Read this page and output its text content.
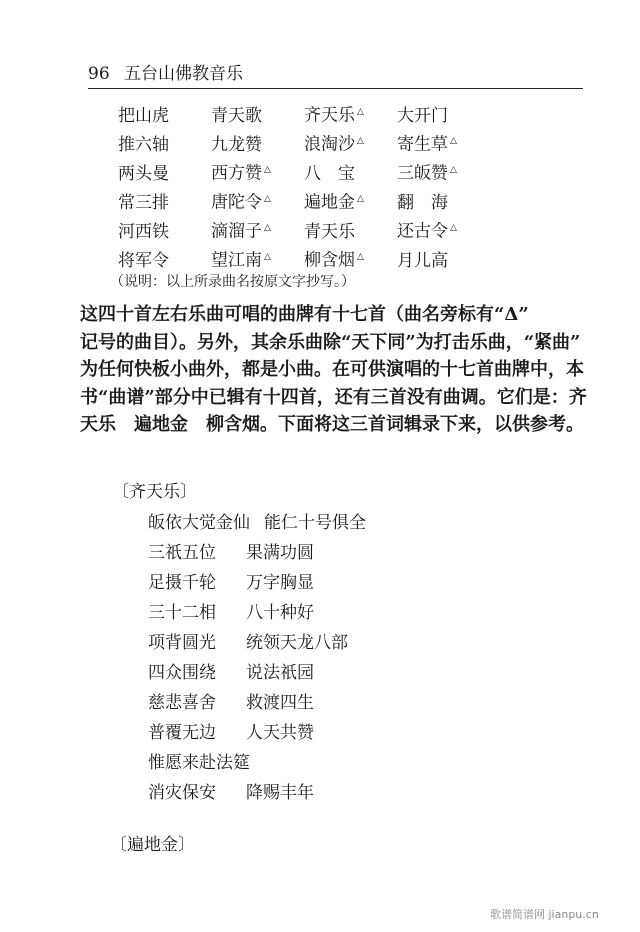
96 五台山佛教音乐
把山虎 青天歌 齐天乐 △ 大开门
推六轴 九龙赞 浪淘沙 △ 寄生草 △
两头曼 西方赞 △ 八　宝 三皈赞 △
常三排 唐陀令 △ 遍地金 △ 翻　海
河西铁 滴溜子 △ 青天乐 还古令 △
将军令 望江南 △ 柳含烟 △ 月儿高
（说明：以上所录曲名按原文字抄写。）
这四十首左右乐曲可唱的曲牌有十七首（曲名旁标有“Δ”
记号的曲目）。另外，其余乐曲除“天下同”为打击乐曲，“紧曲”
为任何快板小曲外，都是小曲。在可供演唱的十七首曲牌中，本
书“曲谱”部分中已辑有十四首，还有三首没有曲调。它们是：齐
天乐　遍地金　柳含烟。下面将这三首词辑录下来，以供参考。
〔齐天乐〕
皈依大觉金仙 能仁十号俱全
三祇五位 果满功圆
足摄千轮 万字胸显
三十二相 八十种好
项背圆光 统领天龙八部
四众围绕 说法祇园
慈悲喜舍 救渡四生
普覆无边 人天共赞
惟愿来赴法筵
消灾保安 降赐丰年
〔遍地金〕
歌谱简谱网 jianpu.cn
